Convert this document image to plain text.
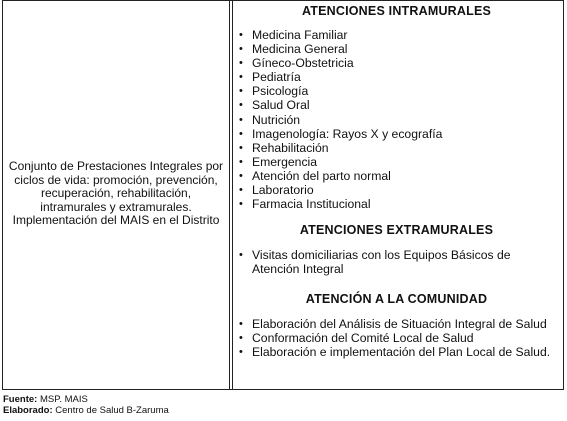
Conjunto de Prestaciones Integrales por ciclos de vida: promoción, prevención, recuperación, rehabilitación, intramurales y extramurales. Implementación del MAIS en el Distrito

ATENCIONES INTRAMURALES

• Medicina Familiar
• Medicina General
• Gíneco-Obstetricia
• Pediatría
• Psicología
• Salud Oral
• Nutrición
• Imagenología: Rayos X y ecografía
• Rehabilitación
• Emergencia
• Atención del parto normal
• Laboratorio
• Farmacia Institucional

ATENCIONES EXTRAMURALES

• Visitas domiciliarias con los Equipos Básicos de Atención Integral

ATENCIÓN A LA COMUNIDAD

• Elaboración del Análisis de Situación Integral de Salud
• Conformación del Comité Local de Salud
• Elaboración e implementación del Plan Local de Salud.
Fuente: MSP. MAIS
Elaborado: Centro de Salud B-Zaruma
